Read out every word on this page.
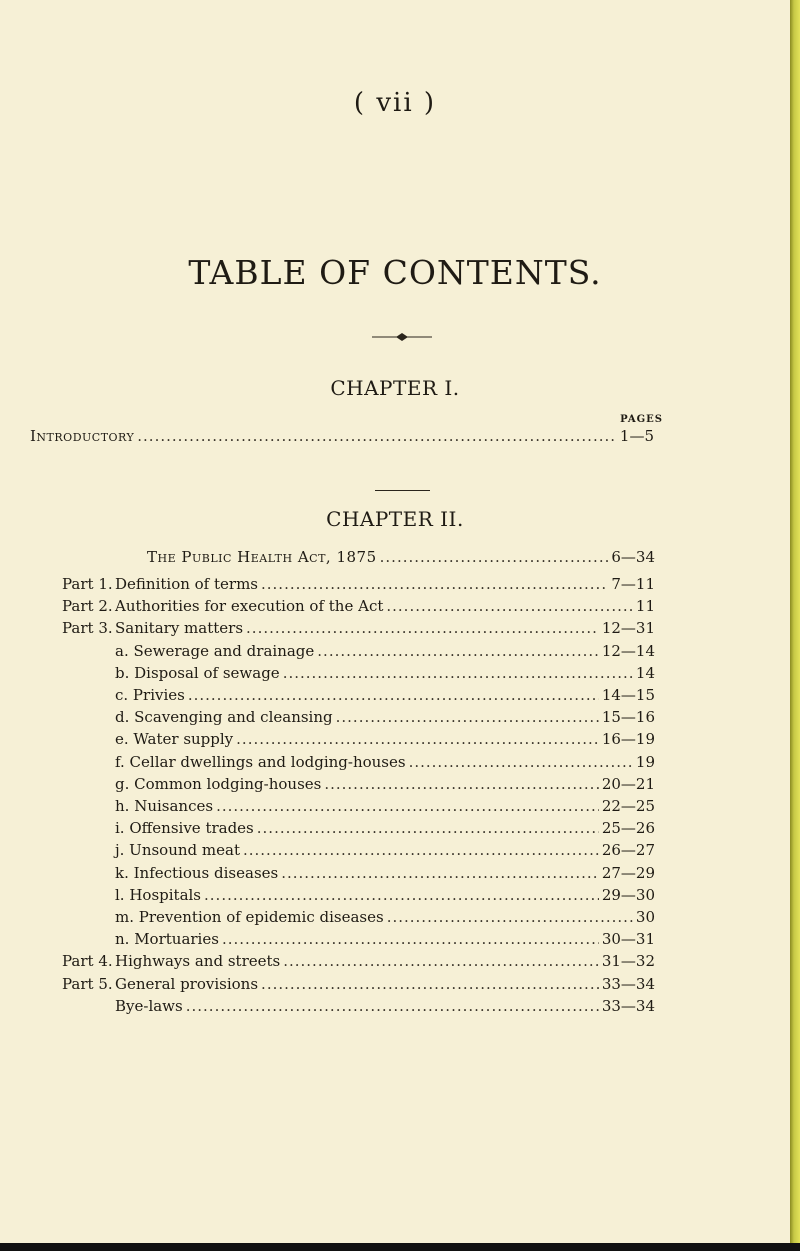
( vii )
TABLE OF CONTENTS.
CHAPTER I.
PAGES
Introductory .....	1—5
CHAPTER II.
The Public Health Act, 1875 .....	6—34
Part 1. Definition of terms .....	7—11
Part 2. Authorities for execution of the Act .....	11
Part 3. Sanitary matters .....	12—31
a. Sewerage and drainage .....	12—14
b. Disposal of sewage .....	14
c. Privies .....	14—15
d. Scavenging and cleansing .....	15—16
e. Water supply .....	16—19
f. Cellar dwellings and lodging-houses .....	19
g. Common lodging-houses .....	20—21
h. Nuisances .....	22—25
i. Offensive trades .....	25—26
j. Unsound meat .....	26—27
k. Infectious diseases .....	27—29
l. Hospitals .....	29—30
m. Prevention of epidemic diseases .....	30
n. Mortuaries .....	30—31
Part 4. Highways and streets .....	31—32
Part 5. General provisions .....	33—34
Bye-laws .....	33—34
